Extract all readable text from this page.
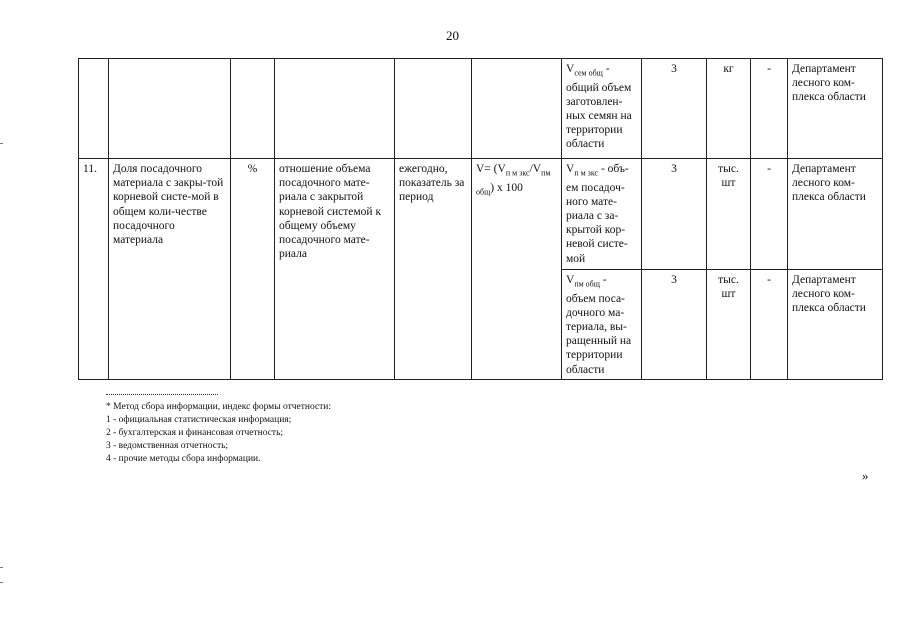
20
						$V_{сем общ}$ - общий объем заготовлен-ных семян на территории области	3	кг	-	Департамент лесного ком-плекса области
11.	Доля посадочного материала с закры-той корневой систе-мой в общем коли-честве посадочного материала	%	отношение объема посадочного мате-риала с закрытой корневой системой к общему объему посадочного мате-риала	ежегодно, показатель за период	$V= (V_{п м зкс}/V_{пм общ})$ х 100	$V_{п м зкс} - объ-ем$ посадоч-ного мате-риала с за-крытой кор-невой систе-мой	3	тыс. шт	-	Департамент лесного ком-плекса области
						$V_{пм общ}$ - объем поса-дочного ма-териала, вы-ращенный на территории области	3	тыс. шт	-	Департамент лесного ком-плекса области
* Метод сбора информации, индекс формы отчетности:
1 - официальная статистическая информация;
2 - бухгалтерская и финансовая отчетность;
3 - ведомственная отчетность;
4 - прочие методы сбора информации.
»
